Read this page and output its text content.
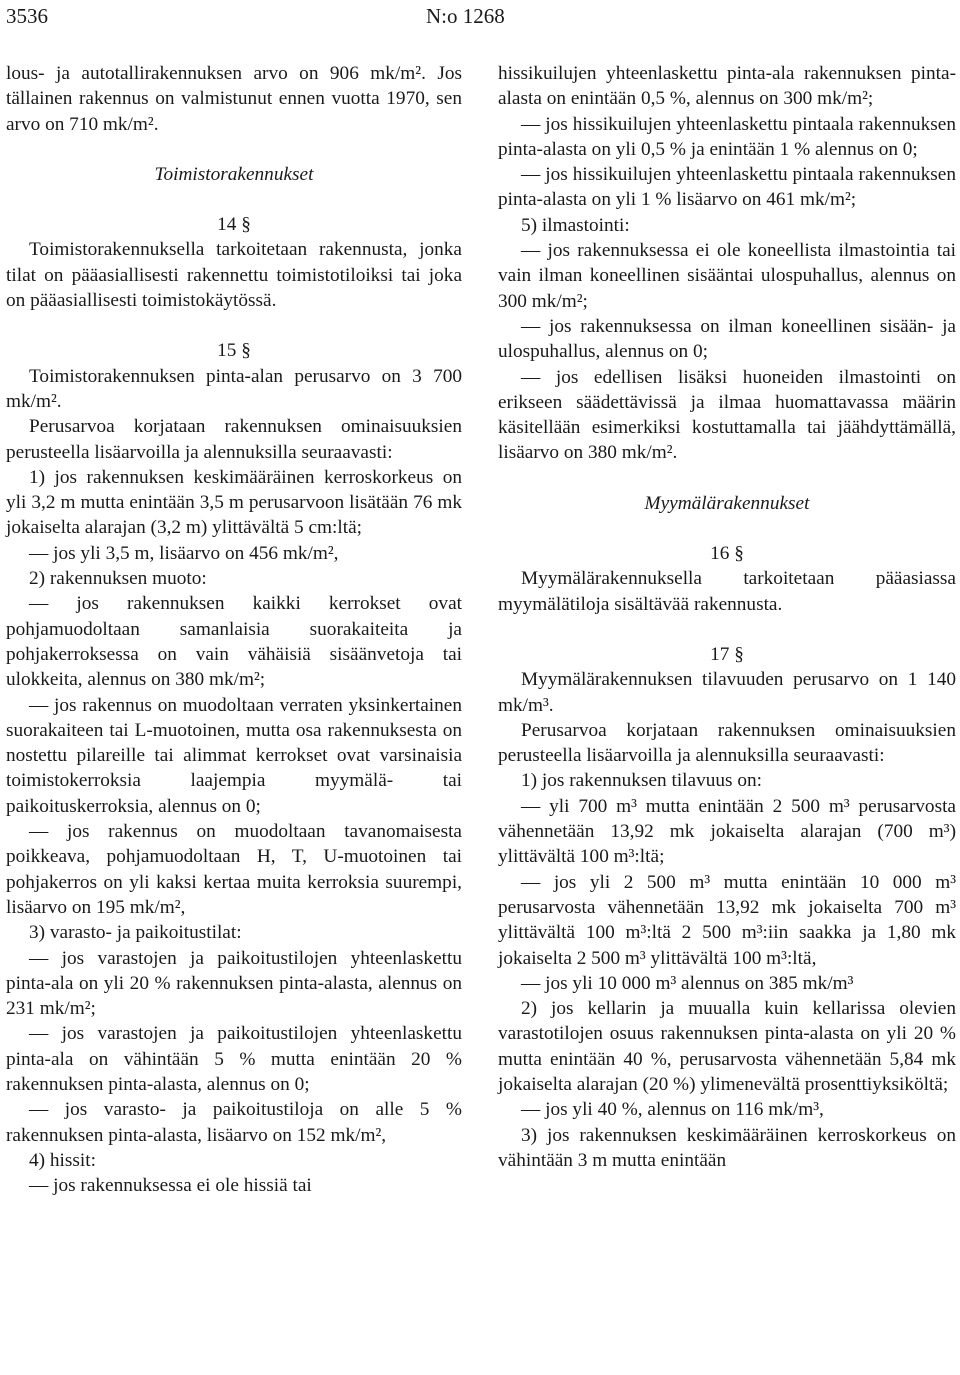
3536	N:o 1268

lous- ja autotallirakennuksen arvo on 906 mk/m². Jos tällainen rakennus on valmistunut ennen vuotta 1970, sen arvo on 710 mk/m².

Toimistorakennukset

14 §

Toimistorakennuksella tarkoitetaan rakennusta, jonka tilat on pääasiallisesti rakennettu toimistotiloiksi tai joka on pääasiallisesti toimistokäytössä.

15 §

Toimistorakennuksen pinta-alan perusarvo on 3 700 mk/m².

Perusarvoa korjataan rakennuksen ominaisuuksien perusteella lisäarvoilla ja alennuksilla seuraavasti:

1) jos rakennuksen keskimääräinen kerroskorkeus on yli 3,2 m mutta enintään 3,5 m perusarvoon lisätään 76 mk jokaiselta alarajan (3,2 m) ylittävältä 5 cm:ltä;

— jos yli 3,5 m, lisäarvo on 456 mk/m²,

2) rakennuksen muoto:

— jos rakennuksen kaikki kerrokset ovat pohjamuodoltaan samanlaisia suorakaiteita ja pohjakerroksessa on vain vähäisiä sisäänvetoja tai ulokkeita, alennus on 380 mk/m²;

— jos rakennus on muodoltaan verraten yksinkertainen suorakaiteen tai L-muotoinen, mutta osa rakennuksesta on nostettu pilareille tai alimmat kerrokset ovat varsinaisia toimistokerroksia laajempia myymälä- tai paikoituskerroksia, alennus on 0;

— jos rakennus on muodoltaan tavanomaisesta poikkeava, pohjamuodoltaan H, T, U-muotoinen tai pohjakerros on yli kaksi kertaa muita kerroksia suurempi, lisäarvo on 195 mk/m²,

3) varasto- ja paikoitustilat:

— jos varastojen ja paikoitustilojen yhteenlaskettu pinta-ala on yli 20 % rakennuksen pinta-alasta, alennus on 231 mk/m²;

— jos varastojen ja paikoitustilojen yhteenlaskettu pinta-ala on vähintään 5 % mutta enintään 20 % rakennuksen pinta-alasta, alennus on 0;

— jos varasto- ja paikoitustiloja on alle 5 % rakennuksen pinta-alasta, lisäarvo on 152 mk/m²,

4) hissit:

— jos rakennuksessa ei ole hissiä tai

hissikuilujen yhteenlaskettu pinta-ala rakennuksen pinta-alasta on enintään 0,5 %, alennus on 300 mk/m²;

— jos hissikuilujen yhteenlaskettu pintaala rakennuksen pinta-alasta on yli 0,5 % ja enintään 1 % alennus on 0;

— jos hissikuilujen yhteenlaskettu pintaala rakennuksen pinta-alasta on yli 1 % lisäarvo on 461 mk/m²;

5) ilmastointi:

— jos rakennuksessa ei ole koneellista ilmastointia tai vain ilman koneellinen sisääntai ulospuhallus, alennus on 300 mk/m²;

— jos rakennuksessa on ilman koneellinen sisään- ja ulospuhallus, alennus on 0;

— jos edellisen lisäksi huoneiden ilmastointi on erikseen säädettävissä ja ilmaa huomattavassa määrin käsitellään esimerkiksi kostuttamalla tai jäähdyttämällä, lisäarvo on 380 mk/m².

Myymälärakennukset

16 §

Myymälärakennuksella tarkoitetaan pääasiassa myymälätiloja sisältävää rakennusta.

17 §

Myymälärakennuksen tilavuuden perusarvo on 1 140 mk/m³.

Perusarvoa korjataan rakennuksen ominaisuuksien perusteella lisäarvoilla ja alennuksilla seuraavasti:

1) jos rakennuksen tilavuus on:

— yli 700 m³ mutta enintään 2 500 m³ perusarvosta vähennetään 13,92 mk jokaiselta alarajan (700 m³) ylittävältä 100 m³:ltä;

— jos yli 2 500 m³ mutta enintään 10 000 m³ perusarvosta vähennetään 13,92 mk jokaiselta 700 m³ ylittävältä 100 m³:ltä 2 500 m³:iin saakka ja 1,80 mk jokaiselta 2 500 m³ ylittävältä 100 m³:ltä,

— jos yli 10 000 m³ alennus on 385 mk/m³

2) jos kellarin ja muualla kuin kellarissa olevien varastotilojen osuus rakennuksen pinta-alasta on yli 20 % mutta enintään 40 %, perusarvosta vähennetään 5,84 mk jokaiselta alarajan (20 %) ylimenevältä prosenttiyksiköltä;

— jos yli 40 %, alennus on 116 mk/m³,

3) jos rakennuksen keskimääräinen kerroskorkeus on vähintään 3 m mutta enintään
